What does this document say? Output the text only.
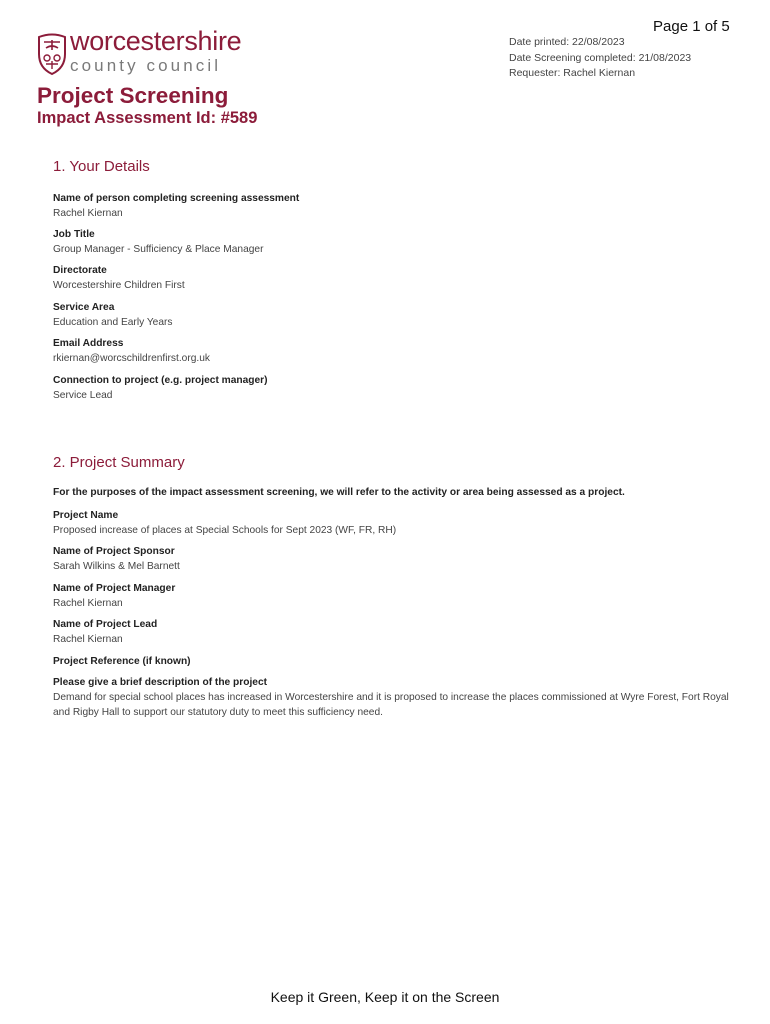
Page 1 of 5
Date printed: 22/08/2023
Date Screening completed: 21/08/2023
Requester: Rachel Kiernan
worcestershire
county council
Project Screening
Impact Assessment Id: #589
1. Your Details
Name of person completing screening assessment
Rachel Kiernan
Job Title
Group Manager - Sufficiency & Place Manager
Directorate
Worcestershire Children First
Service Area
Education and Early Years
Email Address
rkiernan@worcschildrenfirst.org.uk
Connection to project (e.g. project manager)
Service Lead
2. Project Summary
For the purposes of the impact assessment screening, we will refer to the activity or area being assessed as a project.
Project Name
Proposed increase of places at Special Schools for Sept 2023 (WF, FR, RH)
Name of Project Sponsor
Sarah Wilkins & Mel Barnett
Name of Project Manager
Rachel Kiernan
Name of Project Lead
Rachel Kiernan
Project Reference (if known)
Please give a brief description of the project
Demand for special school places has increased in Worcestershire and it is proposed to increase the places commissioned at Wyre Forest, Fort Royal and Rigby Hall to support our statutory duty to meet this sufficiency need.
Keep it Green, Keep it on the Screen
